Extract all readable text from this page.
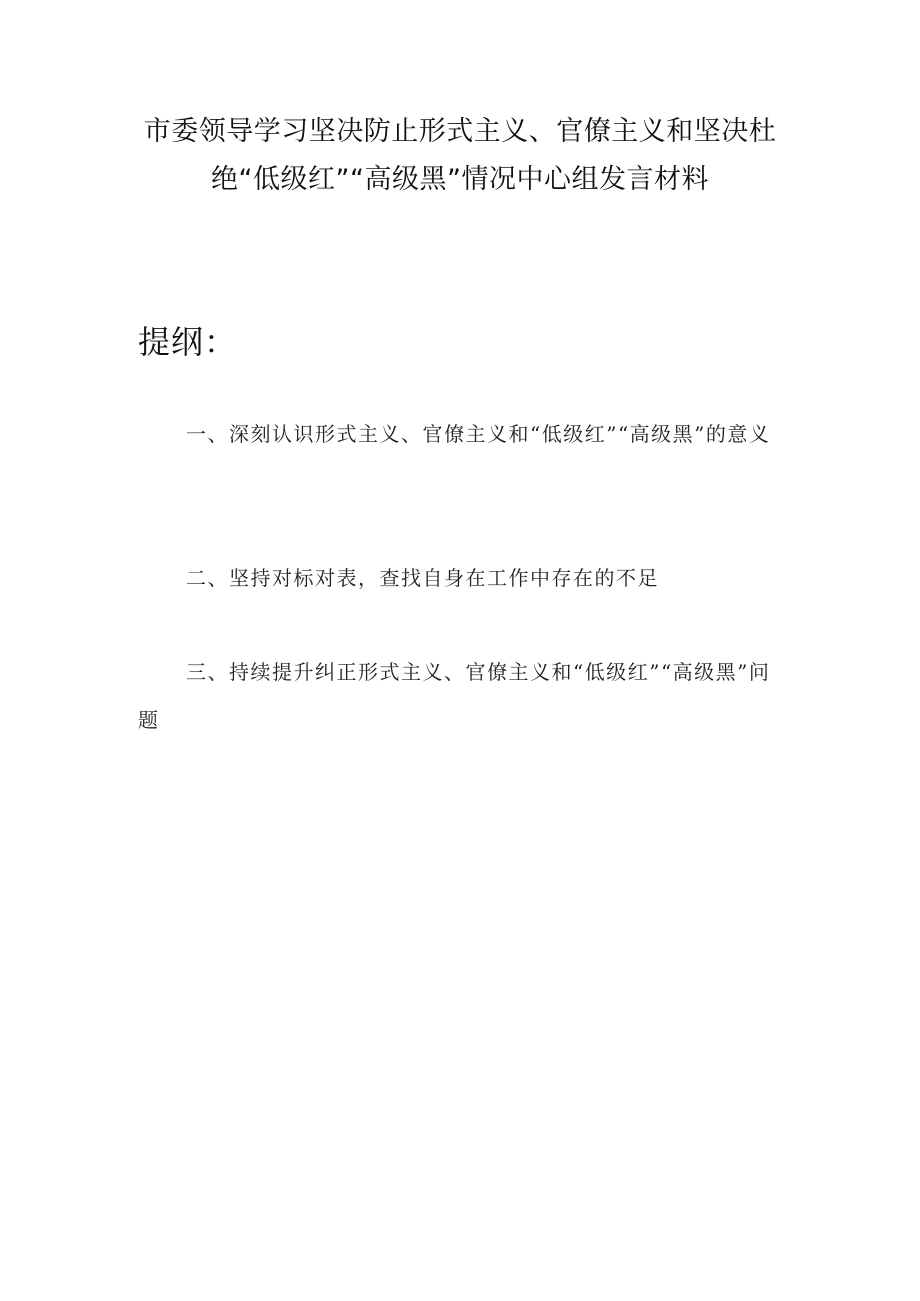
市委领导学习坚决防止形式主义、官僚主义和坚决杜
绝“低级红”“高级黑”情况中心组发言材料
提纲：

一、深刻认识形式主义、官僚主义和“低级红”“高级黑”的意义

二、坚持对标对表，查找自身在工作中存在的不足

三、持续提升纠正形式主义、官僚主义和“低级红”“高级黑”问题
